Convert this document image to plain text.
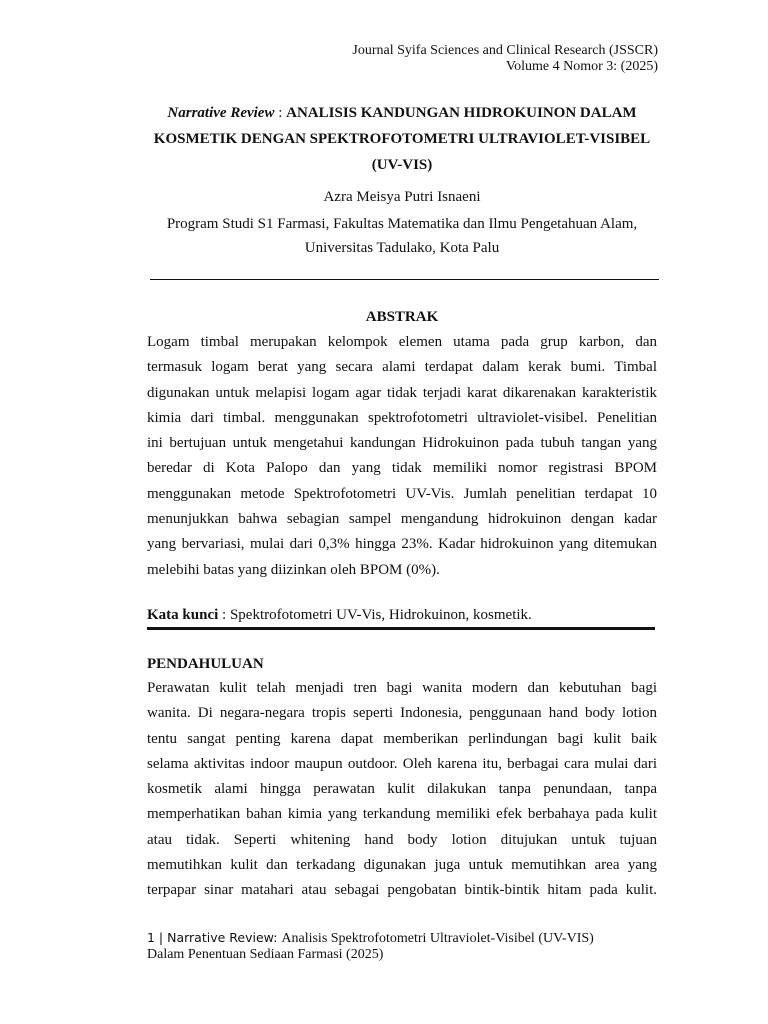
Journal Syifa Sciences and Clinical Research (JSSCR)
Volume 4 Nomor 3: (2025)
Narrative Review : ANALISIS KANDUNGAN HIDROKUINON DALAM
KOSMETIK DENGAN SPEKTROFOTOMETRI ULTRAVIOLET-VISIBEL
(UV-VIS)
Azra Meisya Putri Isnaeni
Program Studi S1 Farmasi, Fakultas Matematika dan Ilmu Pengetahuan Alam,
Universitas Tadulako, Kota Palu
ABSTRAK
Logam timbal merupakan kelompok elemen utama pada grup karbon, dan
termasuk logam berat yang secara alami terdapat dalam kerak bumi. Timbal
digunakan untuk melapisi logam agar tidak terjadi karat dikarenakan karakteristik
kimia dari timbal. menggunakan spektrofotometri ultraviolet-visibel. Penelitian
ini bertujuan untuk mengetahui kandungan Hidrokuinon pada tubuh tangan yang
beredar di Kota Palopo dan yang tidak memiliki nomor registrasi BPOM
menggunakan metode Spektrofotometri UV-Vis. Jumlah penelitian terdapat 10
menunjukkan bahwa sebagian sampel mengandung hidrokuinon dengan kadar
yang bervariasi, mulai dari 0,3% hingga 23%. Kadar hidrokuinon yang ditemukan
melebihi batas yang diizinkan oleh BPOM (0%).
Kata kunci : Spektrofotometri UV-Vis, Hidrokuinon, kosmetik.
PENDAHULUAN
Perawatan kulit telah menjadi tren bagi wanita modern dan kebutuhan bagi
wanita. Di negara-negara tropis seperti Indonesia, penggunaan hand body lotion
tentu sangat penting karena dapat memberikan perlindungan bagi kulit baik
selama aktivitas indoor maupun outdoor. Oleh karena itu, berbagai cara mulai dari
kosmetik alami hingga perawatan kulit dilakukan tanpa penundaan, tanpa
memperhatikan bahan kimia yang terkandung memiliki efek berbahaya pada kulit
atau tidak. Seperti whitening hand body lotion ditujukan untuk tujuan
memutihkan kulit dan terkadang digunakan juga untuk memutihkan area yang
terpapar sinar matahari atau sebagai pengobatan bintik-bintik hitam pada kulit.
1 | Narrative Review: Analisis Spektrofotometri Ultraviolet-Visibel (UV-VIS)
Dalam Penentuan Sediaan Farmasi (2025)
